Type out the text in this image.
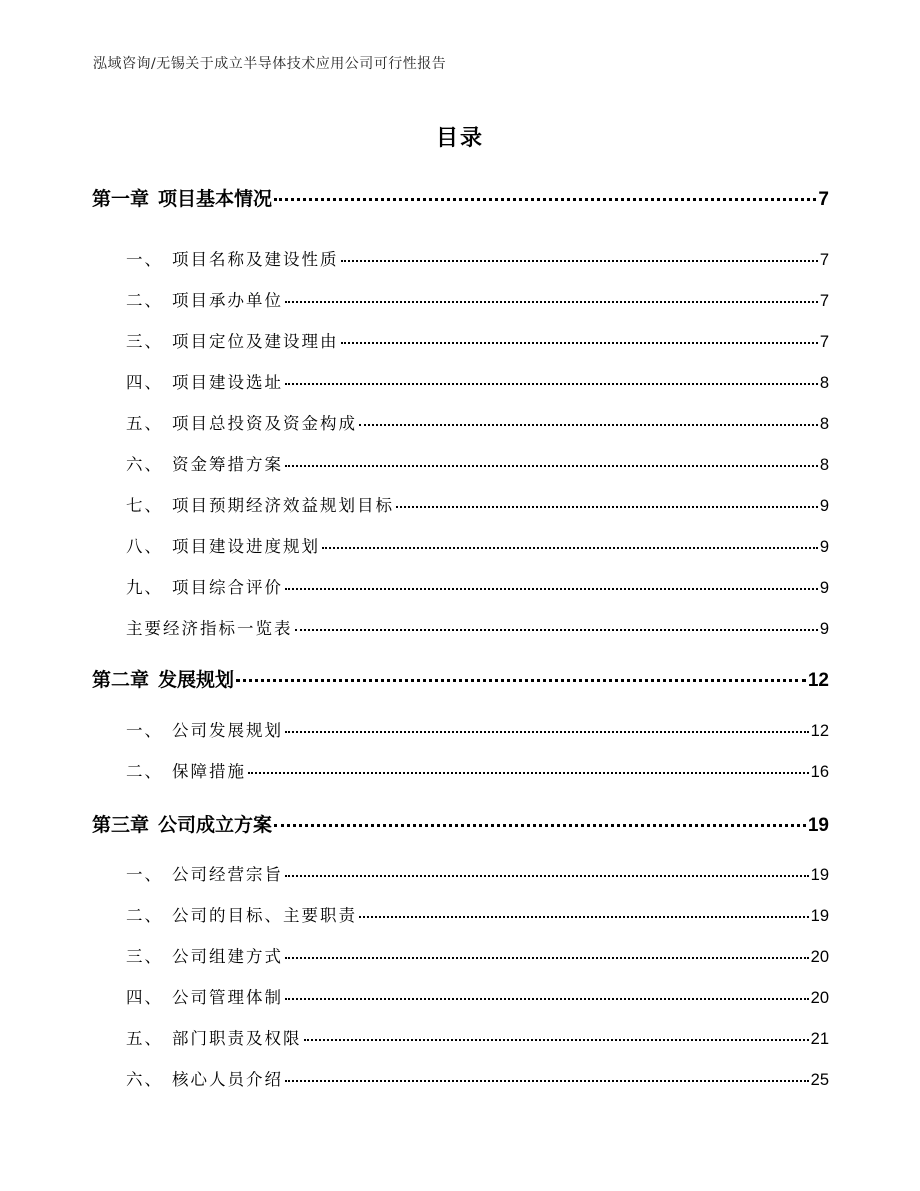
泓域咨询/无锡关于成立半导体技术应用公司可行性报告
目录
第一章 项目基本情况	7
一、 项目名称及建设性质	7
二、 项目承办单位	7
三、 项目定位及建设理由	7
四、 项目建设选址	8
五、 项目总投资及资金构成	8
六、 资金筹措方案	8
七、 项目预期经济效益规划目标	9
八、 项目建设进度规划	9
九、 项目综合评价	9
主要经济指标一览表	9
第二章 发展规划	12
一、 公司发展规划	12
二、 保障措施	16
第三章 公司成立方案	19
一、 公司经营宗旨	19
二、 公司的目标、主要职责	19
三、 公司组建方式	20
四、 公司管理体制	20
五、 部门职责及权限	21
六、 核心人员介绍	25
